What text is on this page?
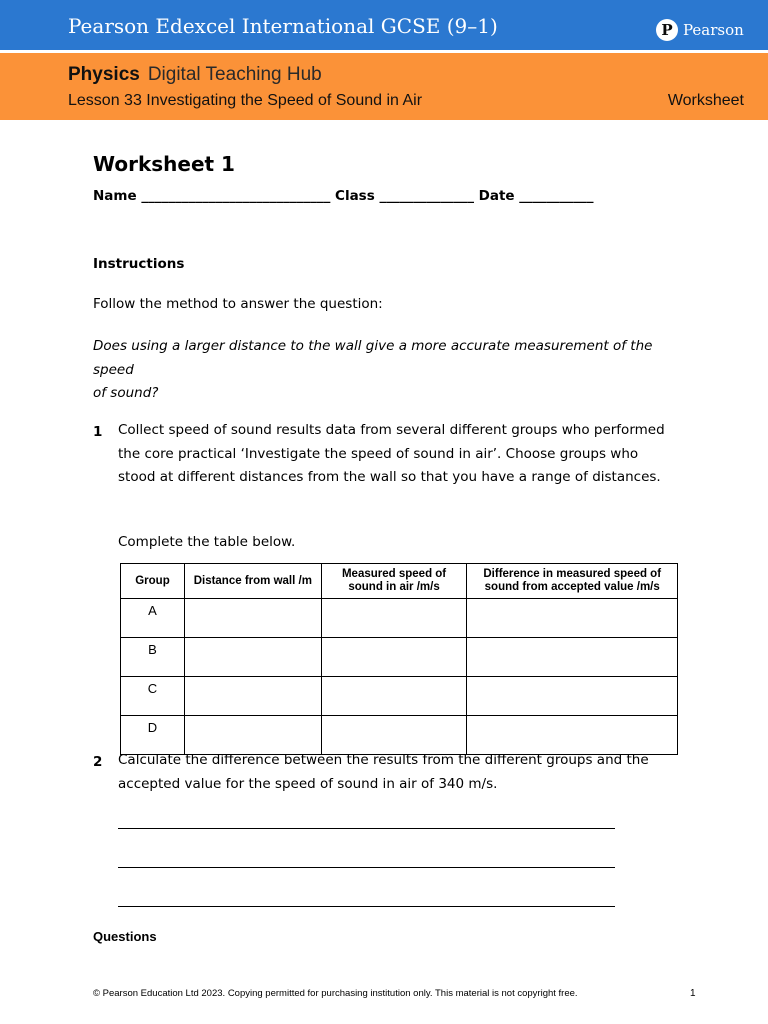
Pearson Edexcel International GCSE (9–1)	P Pearson
Physics Digital Teaching Hub
Lesson 33 Investigating the Speed of Sound in Air	Worksheet
Worksheet 1
Name ____________________________ Class ______________ Date ___________
Instructions
Follow the method to answer the question:
Does using a larger distance to the wall give a more accurate measurement of the speed
of sound?
1 Collect speed of sound results data from several different groups who performed the core practical ‘Investigate the speed of sound in air’. Choose groups who stood at different distances from the wall so that you have a range of distances.
Complete the table below.
Group	Distance from wall /m	Measured speed of sound in air /m/s	Difference in measured speed of sound from accepted value /m/s
A			
B			
C			
D			
2 Calculate the difference between the results from the different groups and the accepted value for the speed of sound in air of 340 m/s.
Questions
© Pearson Education Ltd 2023. Copying permitted for purchasing institution only. This material is not copyright free.	1
